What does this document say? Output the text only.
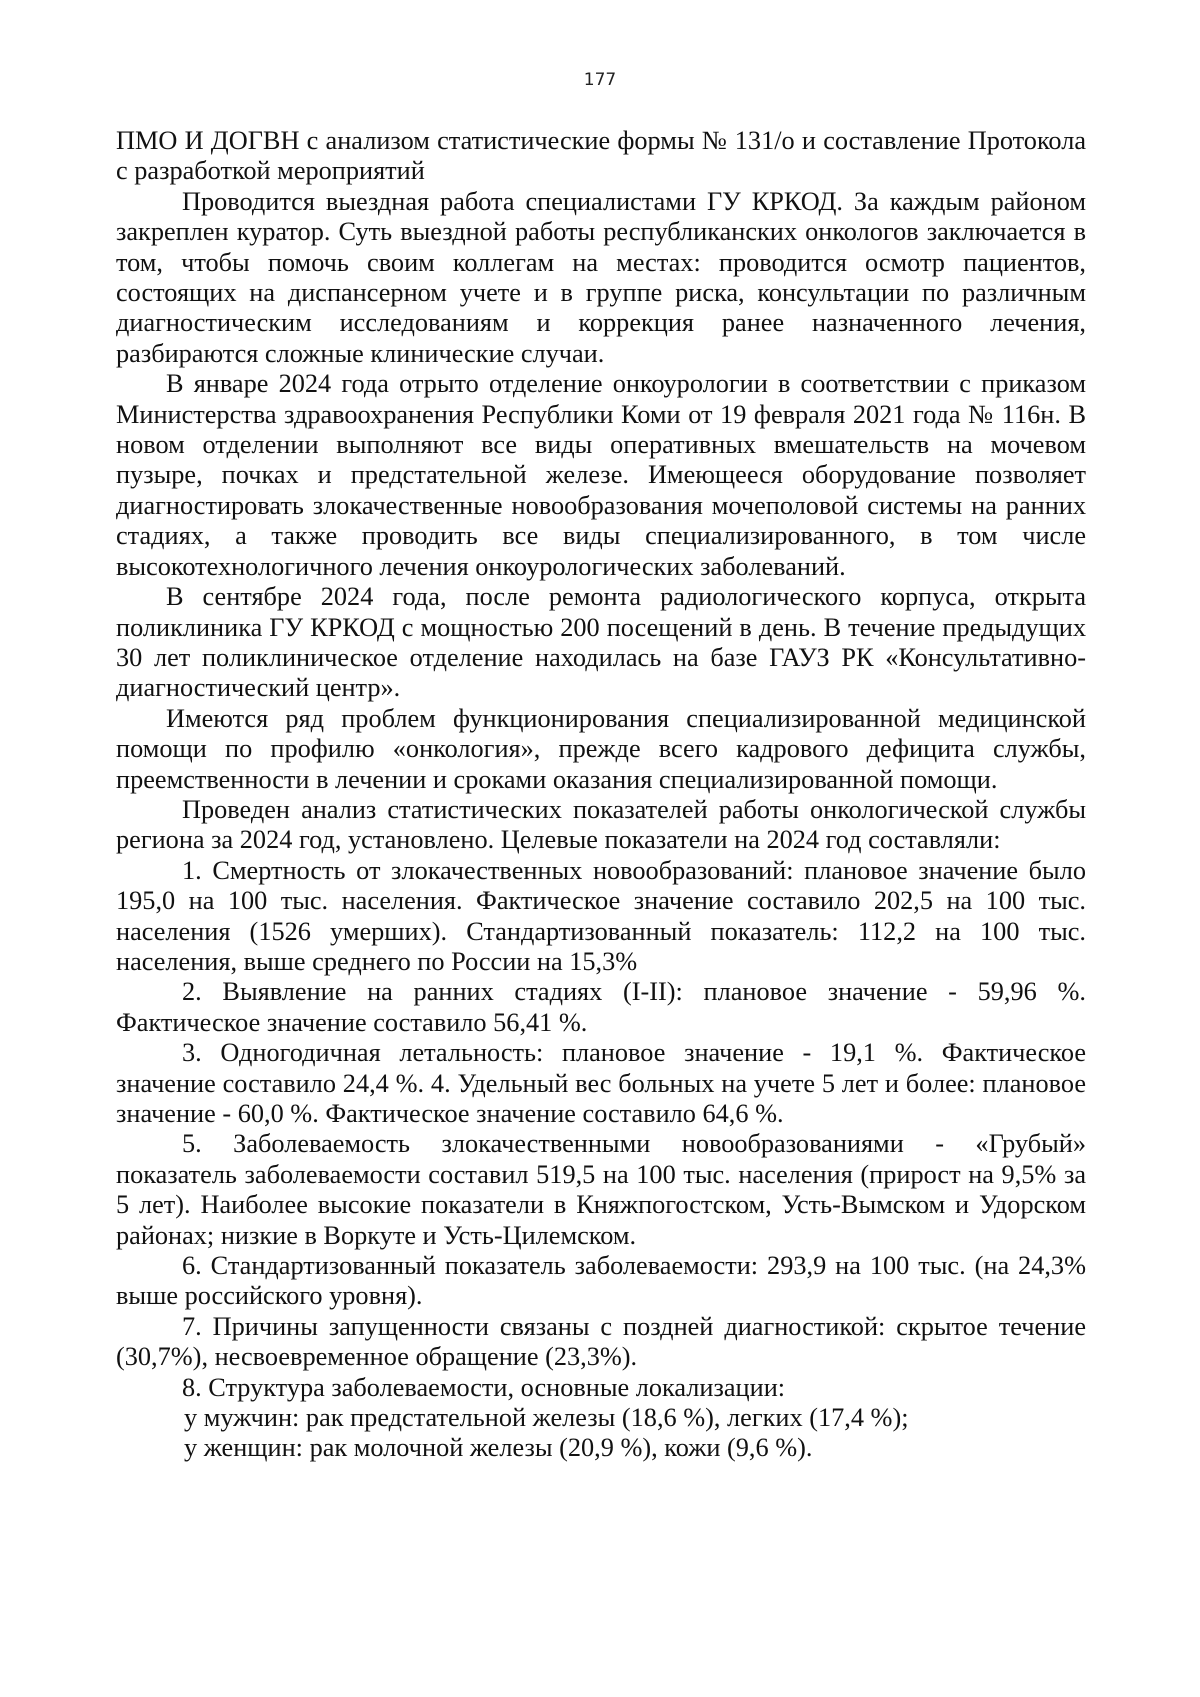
177

ПМО И ДОГВН с анализом статистические формы № 131/о и составление Протокола с разработкой мероприятий

Проводится выездная работа специалистами ГУ КРКОД. За каждым районом закреплен куратор. Суть выездной работы республиканских онкологов заключается в том, чтобы помочь своим коллегам на местах: проводится осмотр пациентов, состоящих на диспансерном учете и в группе риска, консультации по различным диагностическим исследованиям и коррекция ранее назначенного лечения, разбираются сложные клинические случаи.

В январе 2024 года отрыто отделение онкоурологии в соответствии с приказом Министерства здравоохранения Республики Коми от 19 февраля 2021 года № 116н. В новом отделении выполняют все виды оперативных вмешательств на мочевом пузыре, почках и предстательной железе. Имеющееся оборудование позволяет диагностировать злокачественные новообразования мочеполовой системы на ранних стадиях, а также проводить все виды специализированного, в том числе высокотехнологичного лечения онкоурологических заболеваний.

В сентябре 2024 года, после ремонта радиологического корпуса, открыта поликлиника ГУ КРКОД с мощностью 200 посещений в день. В течение предыдущих 30 лет поликлиническое отделение находилась на базе ГАУЗ РК «Консультативно-диагностический центр».

Имеются ряд проблем функционирования специализированной медицинской помощи по профилю «онкология», прежде всего кадрового дефицита службы, преемственности в лечении и сроками оказания специализированной помощи.

Проведен анализ статистических показателей работы онкологической службы региона за 2024 год, установлено. Целевые показатели на 2024 год составляли:

1. Смертность от злокачественных новообразований: плановое значение было 195,0 на 100 тыс. населения. Фактическое значение составило 202,5 на 100 тыс. населения (1526 умерших). Стандартизованный показатель: 112,2 на 100 тыс. населения, выше среднего по России на 15,3%

2. Выявление на ранних стадиях (I-II): плановое значение - 59,96 %. Фактическое значение составило 56,41 %.

3. Одногодичная летальность: плановое значение - 19,1 %. Фактическое значение составило 24,4 %. 4. Удельный вес больных на учете 5 лет и более: плановое значение - 60,0 %. Фактическое значение составило 64,6 %.

5. Заболеваемость злокачественными новообразованиями - «Грубый» показатель заболеваемости составил 519,5 на 100 тыс. населения (прирост на 9,5% за 5 лет). Наиболее высокие показатели в Княжпогостском, Усть-Вымском и Удорском районах; низкие в Воркуте и Усть-Цилемском.

6. Стандартизованный показатель заболеваемости: 293,9 на 100 тыс. (на 24,3% выше российского уровня).

7. Причины запущенности связаны с поздней диагностикой: скрытое течение (30,7%), несвоевременное обращение (23,3%).

8. Структура заболеваемости, основные локализации:

у мужчин: рак предстательной железы (18,6 %), легких (17,4 %);

у женщин: рак молочной железы (20,9 %), кожи (9,6 %).
